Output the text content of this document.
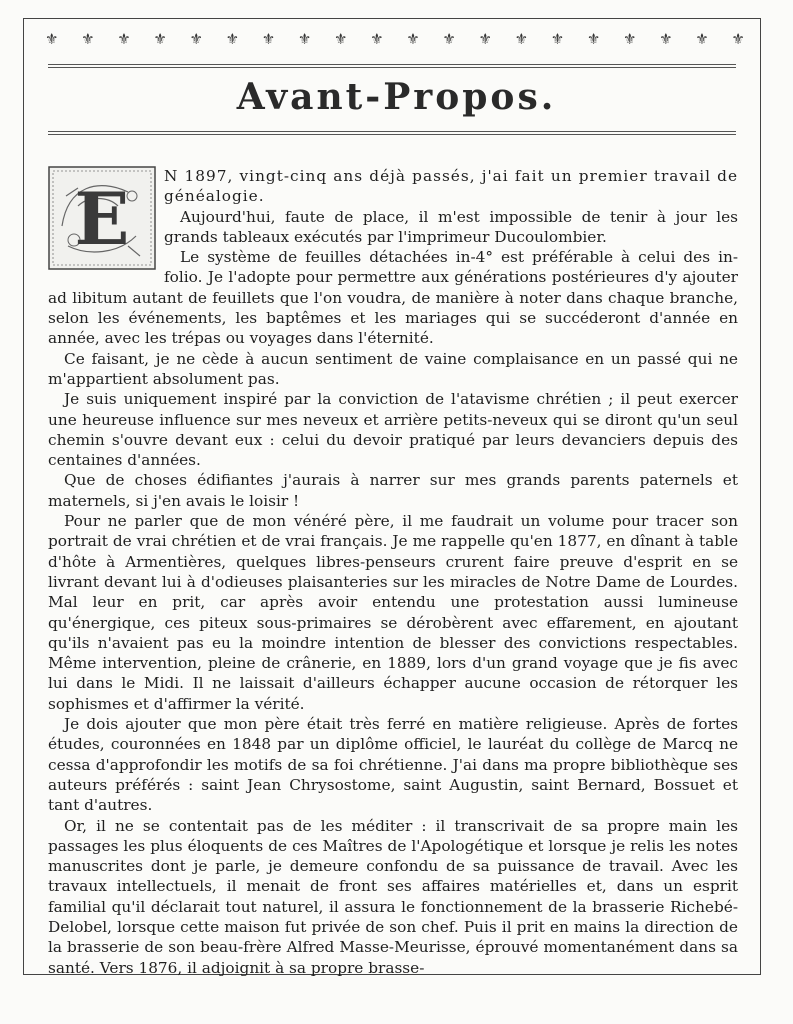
⚜ ⚜ ⚜ ⚜ ⚜ ⚜ ⚜ ⚜ ⚜ ⚜ ⚜ ⚜ ⚜ ⚜ ⚜ ⚜ ⚜ ⚜ ⚜ ⚜
Avant-Propos.
E	N 1897, vingt-cinq ans déjà passés, j'ai fait un premier travail de généalogie.

Aujourd'hui, faute de place, il m'est impossible de tenir à jour les grands tableaux exécutés par l'imprimeur Ducoulombier.

Le système de feuilles détachées in-4° est préférable à celui des in-folio. Je l'adopte pour permettre aux générations postérieures d'y ajouter ad libitum autant de feuillets que l'on voudra, de manière à noter dans chaque branche, selon les événements, les baptêmes et les mariages qui se succéderont d'année en année, avec les trépas ou voyages dans l'éternité.

Ce faisant, je ne cède à aucun sentiment de vaine complaisance en un passé qui ne m'appartient absolument pas.

Je suis uniquement inspiré par la conviction de l'atavisme chrétien ; il peut exercer une heureuse influence sur mes neveux et arrière petits-neveux qui se diront qu'un seul chemin s'ouvre devant eux : celui du devoir pratiqué par leurs devanciers depuis des centaines d'années.

Que de choses édifiantes j'aurais à narrer sur mes grands parents paternels et maternels, si j'en avais le loisir !

Pour ne parler que de mon vénéré père, il me faudrait un volume pour tracer son portrait de vrai chrétien et de vrai français. Je me rappelle qu'en 1877, en dînant à table d'hôte à Armentières, quelques libres-penseurs crurent faire preuve d'esprit en se livrant devant lui à d'odieuses plaisanteries sur les miracles de Notre Dame de Lourdes. Mal leur en prit, car après avoir entendu une protestation aussi lumineuse qu'énergique, ces piteux sous-primaires se dérobèrent avec effarement, en ajoutant qu'ils n'avaient pas eu la moindre intention de blesser des convictions respectables. Même intervention, pleine de crânerie, en 1889, lors d'un grand voyage que je fis avec lui dans le Midi. Il ne laissait d'ailleurs échapper aucune occasion de rétorquer les sophismes et d'affirmer la vérité.

Je dois ajouter que mon père était très ferré en matière religieuse. Après de fortes études, couronnées en 1848 par un diplôme officiel, le lauréat du collège de Marcq ne cessa d'approfondir les motifs de sa foi chrétienne. J'ai dans ma propre bibliothèque ses auteurs préférés : saint Jean Chrysostome, saint Augustin, saint Bernard, Bossuet et tant d'autres.

Or, il ne se contentait pas de les méditer : il transcrivait de sa propre main les passages les plus éloquents de ces Maîtres de l'Apologétique et lorsque je relis les notes manuscrites dont je parle, je demeure confondu de sa puissance de travail. Avec les travaux intellectuels, il menait de front ses affaires matérielles et, dans un esprit familial qu'il déclarait tout naturel, il assura le fonctionnement de la brasserie Richebé-Delobel, lorsque cette maison fut privée de son chef. Puis il prit en mains la direction de la brasserie de son beau-frère Alfred Masse-Meurisse, éprouvé momentanément dans sa santé. Vers 1876, il adjoignit à sa propre brasse-
